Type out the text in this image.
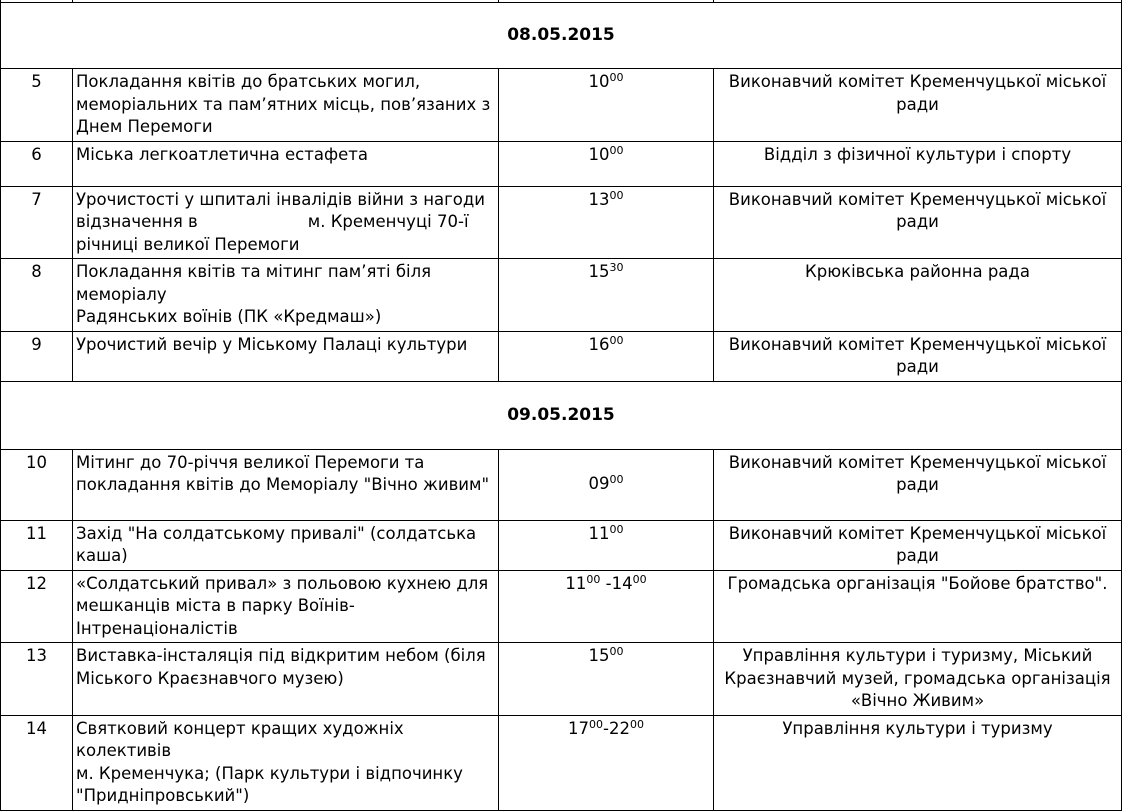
08.05.2015			
5	Покладання квітів до братських могил,
меморіальних та пам’ятних місць, пов’язаних з
Днем Перемоги	$10^{00}$	Виконавчий комітет Кременчуцької міської ради
6	Міська легкоатлетична естафета	$10^{00}$	Відділ з фізичної культури і спорту
7	Урочистості у шпиталі інвалідів війни з нагоди
відзначення в м. Кременчуці 70-ї
річниці великої Перемоги	$13^{00}$	Виконавчий комітет Кременчуцької міської ради
8	Покладання квітів та мітинг пам’яті біля меморіалу
Радянських воїнів (ПК «Кредмаш»)	$15^{30}$	Крюківська районна рада
9	Урочистий вечір у Міському Палаці культури	$16^{00}$	Виконавчий комітет Кременчуцької міської ради
09.05.2015			
10	Мітинг до 70-річчя великої Перемоги та
покладання квітів до Меморіалу "Вічно живим"	$09^{00}$	Виконавчий комітет Кременчуцької міської ради
11	Захід "На солдатському привалі" (солдатська
каша)	$11^{00}$	Виконавчий комітет Кременчуцької міської ради
12	«Солдатський привал» з польовою кухнею для
мешканців міста в парку Воїнів-Інтренаціоналістів	$11^{00}$ $-14^{00}$	Громадська організація "Бойове братство".
13	Виставка-інсталяція під відкритим небом (біля
Міського Краєзнавчого музею)	$15^{00}$	Управління культури і туризму, Міський
Краєзнавчий музей, громадська організація
«Вічно Живим»
14	Святковий концерт кращих художніх колективів
м. Кременчука; (Парк культури і відпочинку
"Придніпровський")	$17^{00}-22^{00}$	Управління культури і туризму
